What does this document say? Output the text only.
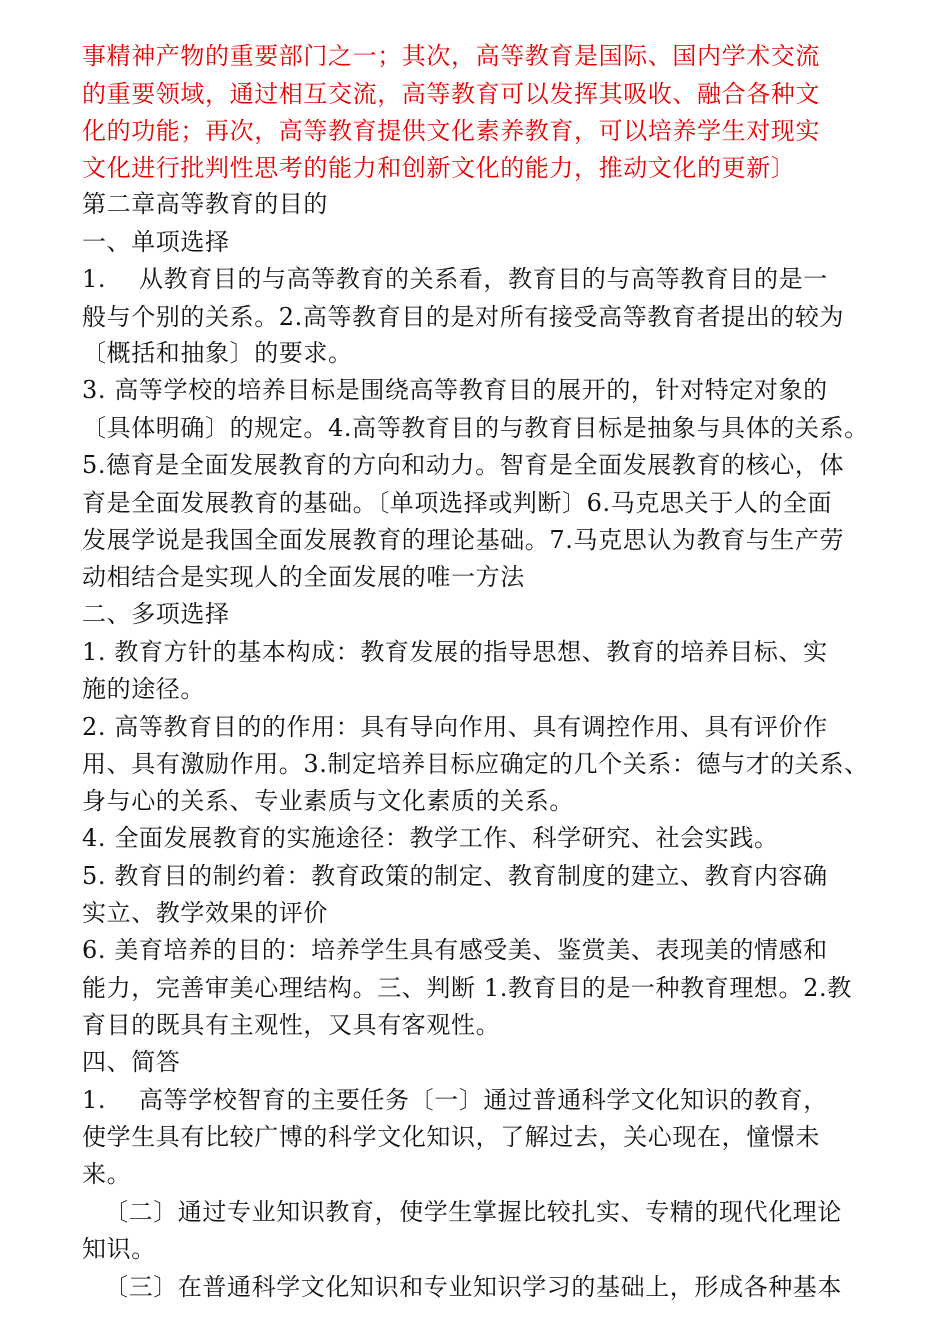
事精神产物的重要部门之一；其次，高等教育是国际、国内学术交流

的重要领域，通过相互交流，高等教育可以发挥其吸收、融合各种文

化的功能；再次，高等教育提供文化素养教育，可以培养学生对现实

文化进行批判性思考的能力和创新文化的能力，推动文化的更新〕

第二章高等教育的目的

一、单项选择

1.    从教育目的与高等教育的关系看，教育目的与高等教育目的是一

般与个别的关系。2.高等教育目的是对所有接受高等教育者提出的较为

〔概括和抽象〕的要求。

3. 高等学校的培养目标是围绕高等教育目的展开的，针对特定对象的

〔具体明确〕的规定。4.高等教育目的与教育目标是抽象与具体的关系。

5.德育是全面发展教育的方向和动力。智育是全面发展教育的核心，体

育是全面发展教育的基础。〔单项选择或判断〕6.马克思关于人的全面

发展学说是我国全面发展教育的理论基础。7.马克思认为教育与生产劳

动相结合是实现人的全面发展的唯一方法

二、多项选择

1. 教育方针的基本构成：教育发展的指导思想、教育的培养目标、实

施的途径。

2. 高等教育目的的作用：具有导向作用、具有调控作用、具有评价作

用、具有激励作用。3.制定培养目标应确定的几个关系：德与才的关系、

身与心的关系、专业素质与文化素质的关系。

4. 全面发展教育的实施途径：教学工作、科学研究、社会实践。

5. 教育目的制约着：教育政策的制定、教育制度的建立、教育内容确

实立、教学效果的评价

6. 美育培养的目的：培养学生具有感受美、鉴赏美、表现美的情感和

能力，完善审美心理结构。三、判断 1.教育目的是一种教育理想。2.教

育目的既具有主观性，又具有客观性。

四、简答

1.    高等学校智育的主要任务〔一〕通过普通科学文化知识的教育，

使学生具有比较广博的科学文化知识，了解过去，关心现在，憧憬未

来。

〔二〕通过专业知识教育，使学生掌握比较扎实、专精的现代化理论

知识。

〔三〕在普通科学文化知识和专业知识学习的基础上，形成各种基本
